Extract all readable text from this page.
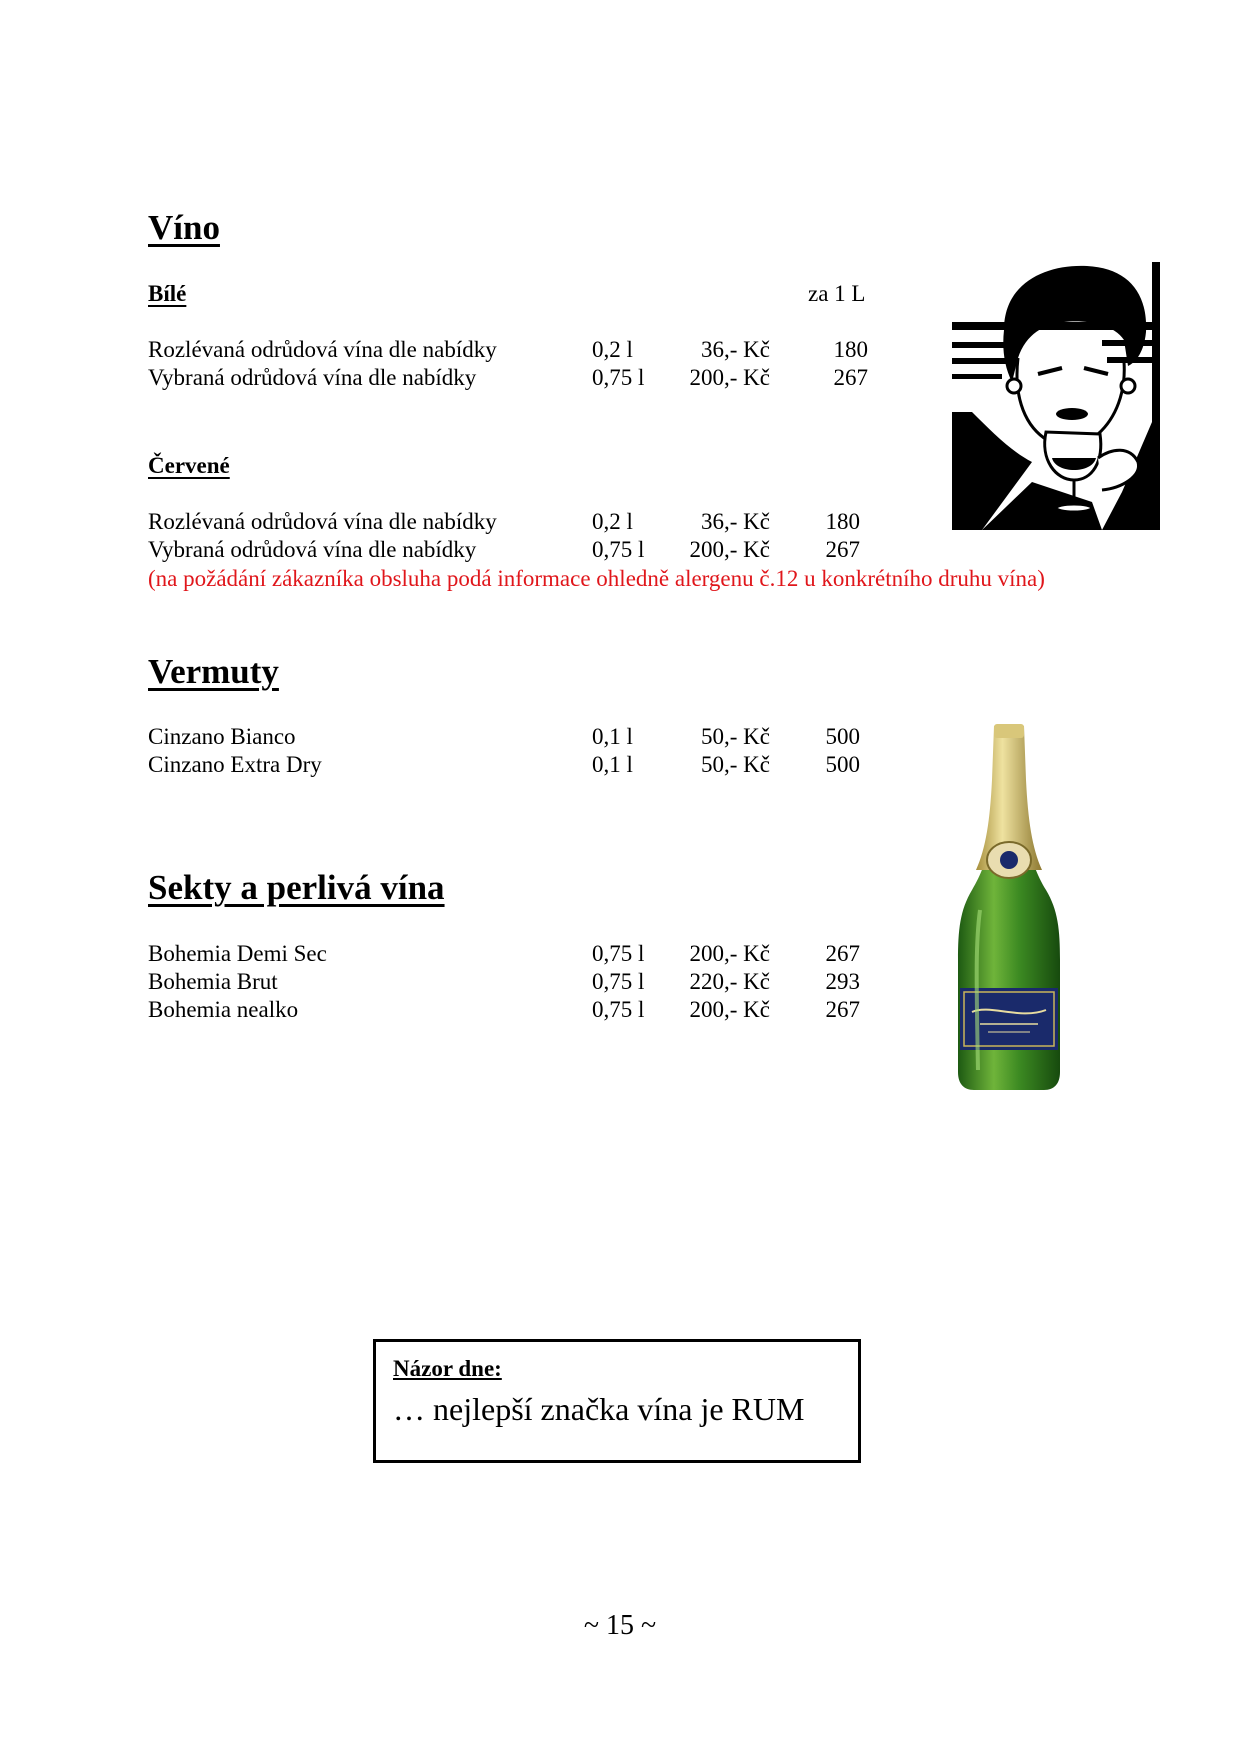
Víno
Bílé	za 1 L
Rozlévaná odrůdová vína dle nabídky	0,2 l	36,- Kč	180
Vybraná odrůdová vína dle nabídky	0,75 l	200,- Kč	267
Červené
Rozlévaná odrůdová vína dle nabídky	0,2 l	36,- Kč	180
Vybraná odrůdová vína dle nabídky	0,75 l	200,- Kč	267
(na požádání zákazníka obsluha podá informace ohledně alergenu č.12 u konkrétního druhu vína)
Vermuty
Cinzano Bianco	0,1 l	50,- Kč	500
Cinzano Extra Dry	0,1 l	50,- Kč	500
Sekty a perlivá vína
Bohemia Demi Sec	0,75 l	200,- Kč	267
Bohemia Brut	0,75 l	220,- Kč	293
Bohemia nealko	0,75 l	200,- Kč	267
Názor dne:
… nejlepší značka vína je RUM
~ 15 ~
